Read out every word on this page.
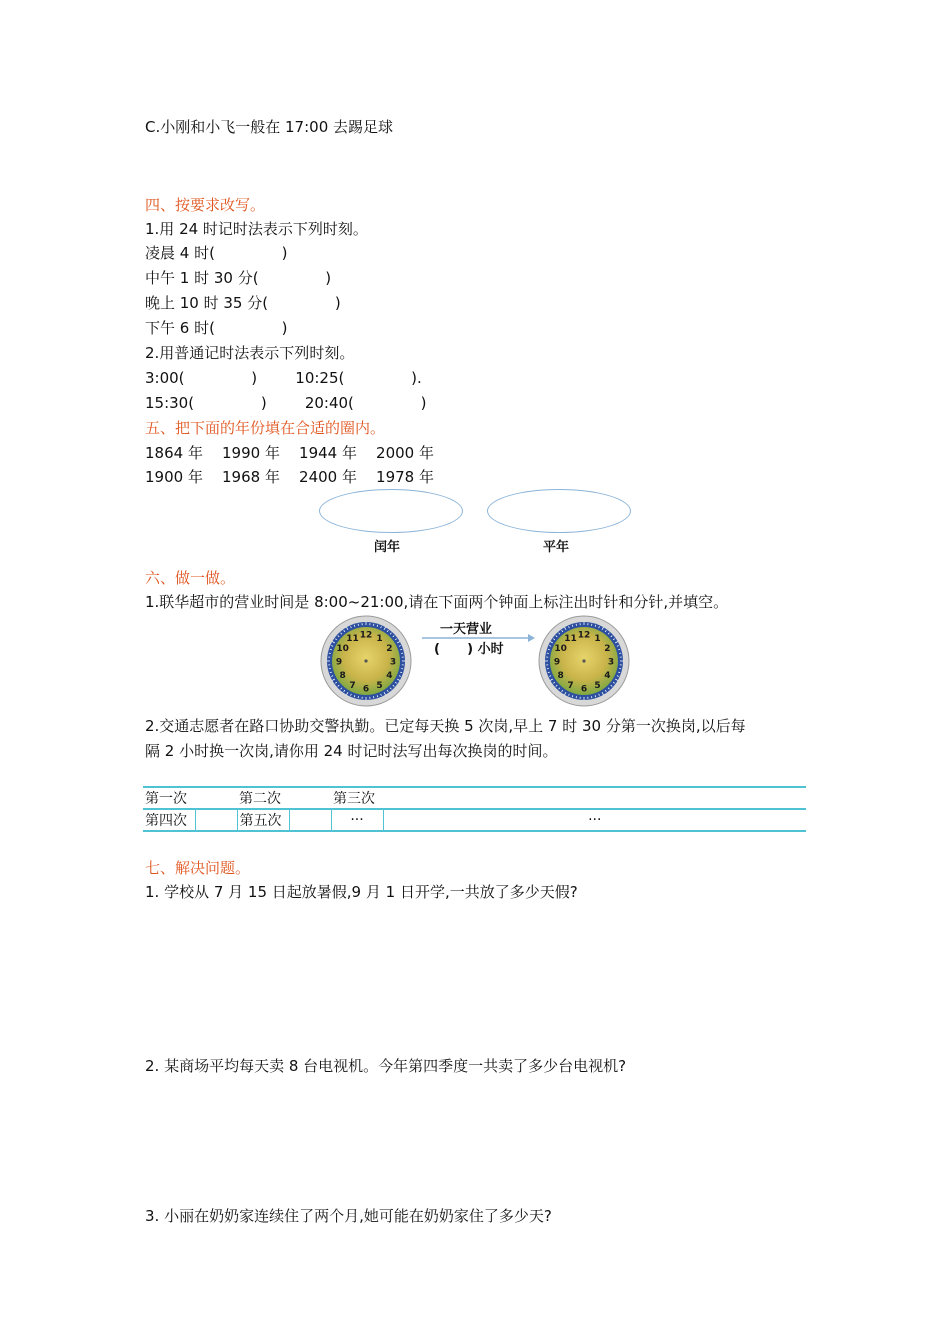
C.小刚和小飞一般在 17:00 去踢足球
四、按要求改写。
1.用 24 时记时法表示下列时刻。
凌晨 4 时(              )
中午 1 时 30 分(              )
晚上 10 时 35 分(              )
下午 6 时(              )
2.用普通记时法表示下列时刻。
3:00(              )        10:25(              ).
15:30(              )        20:40(              )
五、把下面的年份填在合适的圈内。
1864 年    1990 年    1944 年    2000 年
1900 年    1968 年    2400 年    1978 年
闰年	平年
六、做一做。
1.联华超市的营业时间是 8:00~21:00,请在下面两个钟面上标注出时针和分针,并填空。
12 1
2
3
4
5
6
7
8
9
10
11
一天营业
(      ) 小时
12 1
2
3
4
5
6
7
8
9
10
11
2.交通志愿者在路口协助交警执勤。已定每天换 5 次岗,早上 7 时 30 分第一次换岗,以后每
隔 2 小时换一次岗,请你用 24 时记时法写出每次换岗的时间。
第一次		第二次		第三次	
第四次		第五次		···	···
七、解决问题。
1. 学校从 7 月 15 日起放暑假,9 月 1 日开学,一共放了多少天假?
2. 某商场平均每天卖 8 台电视机。今年第四季度一共卖了多少台电视机?
3. 小丽在奶奶家连续住了两个月,她可能在奶奶家住了多少天?
